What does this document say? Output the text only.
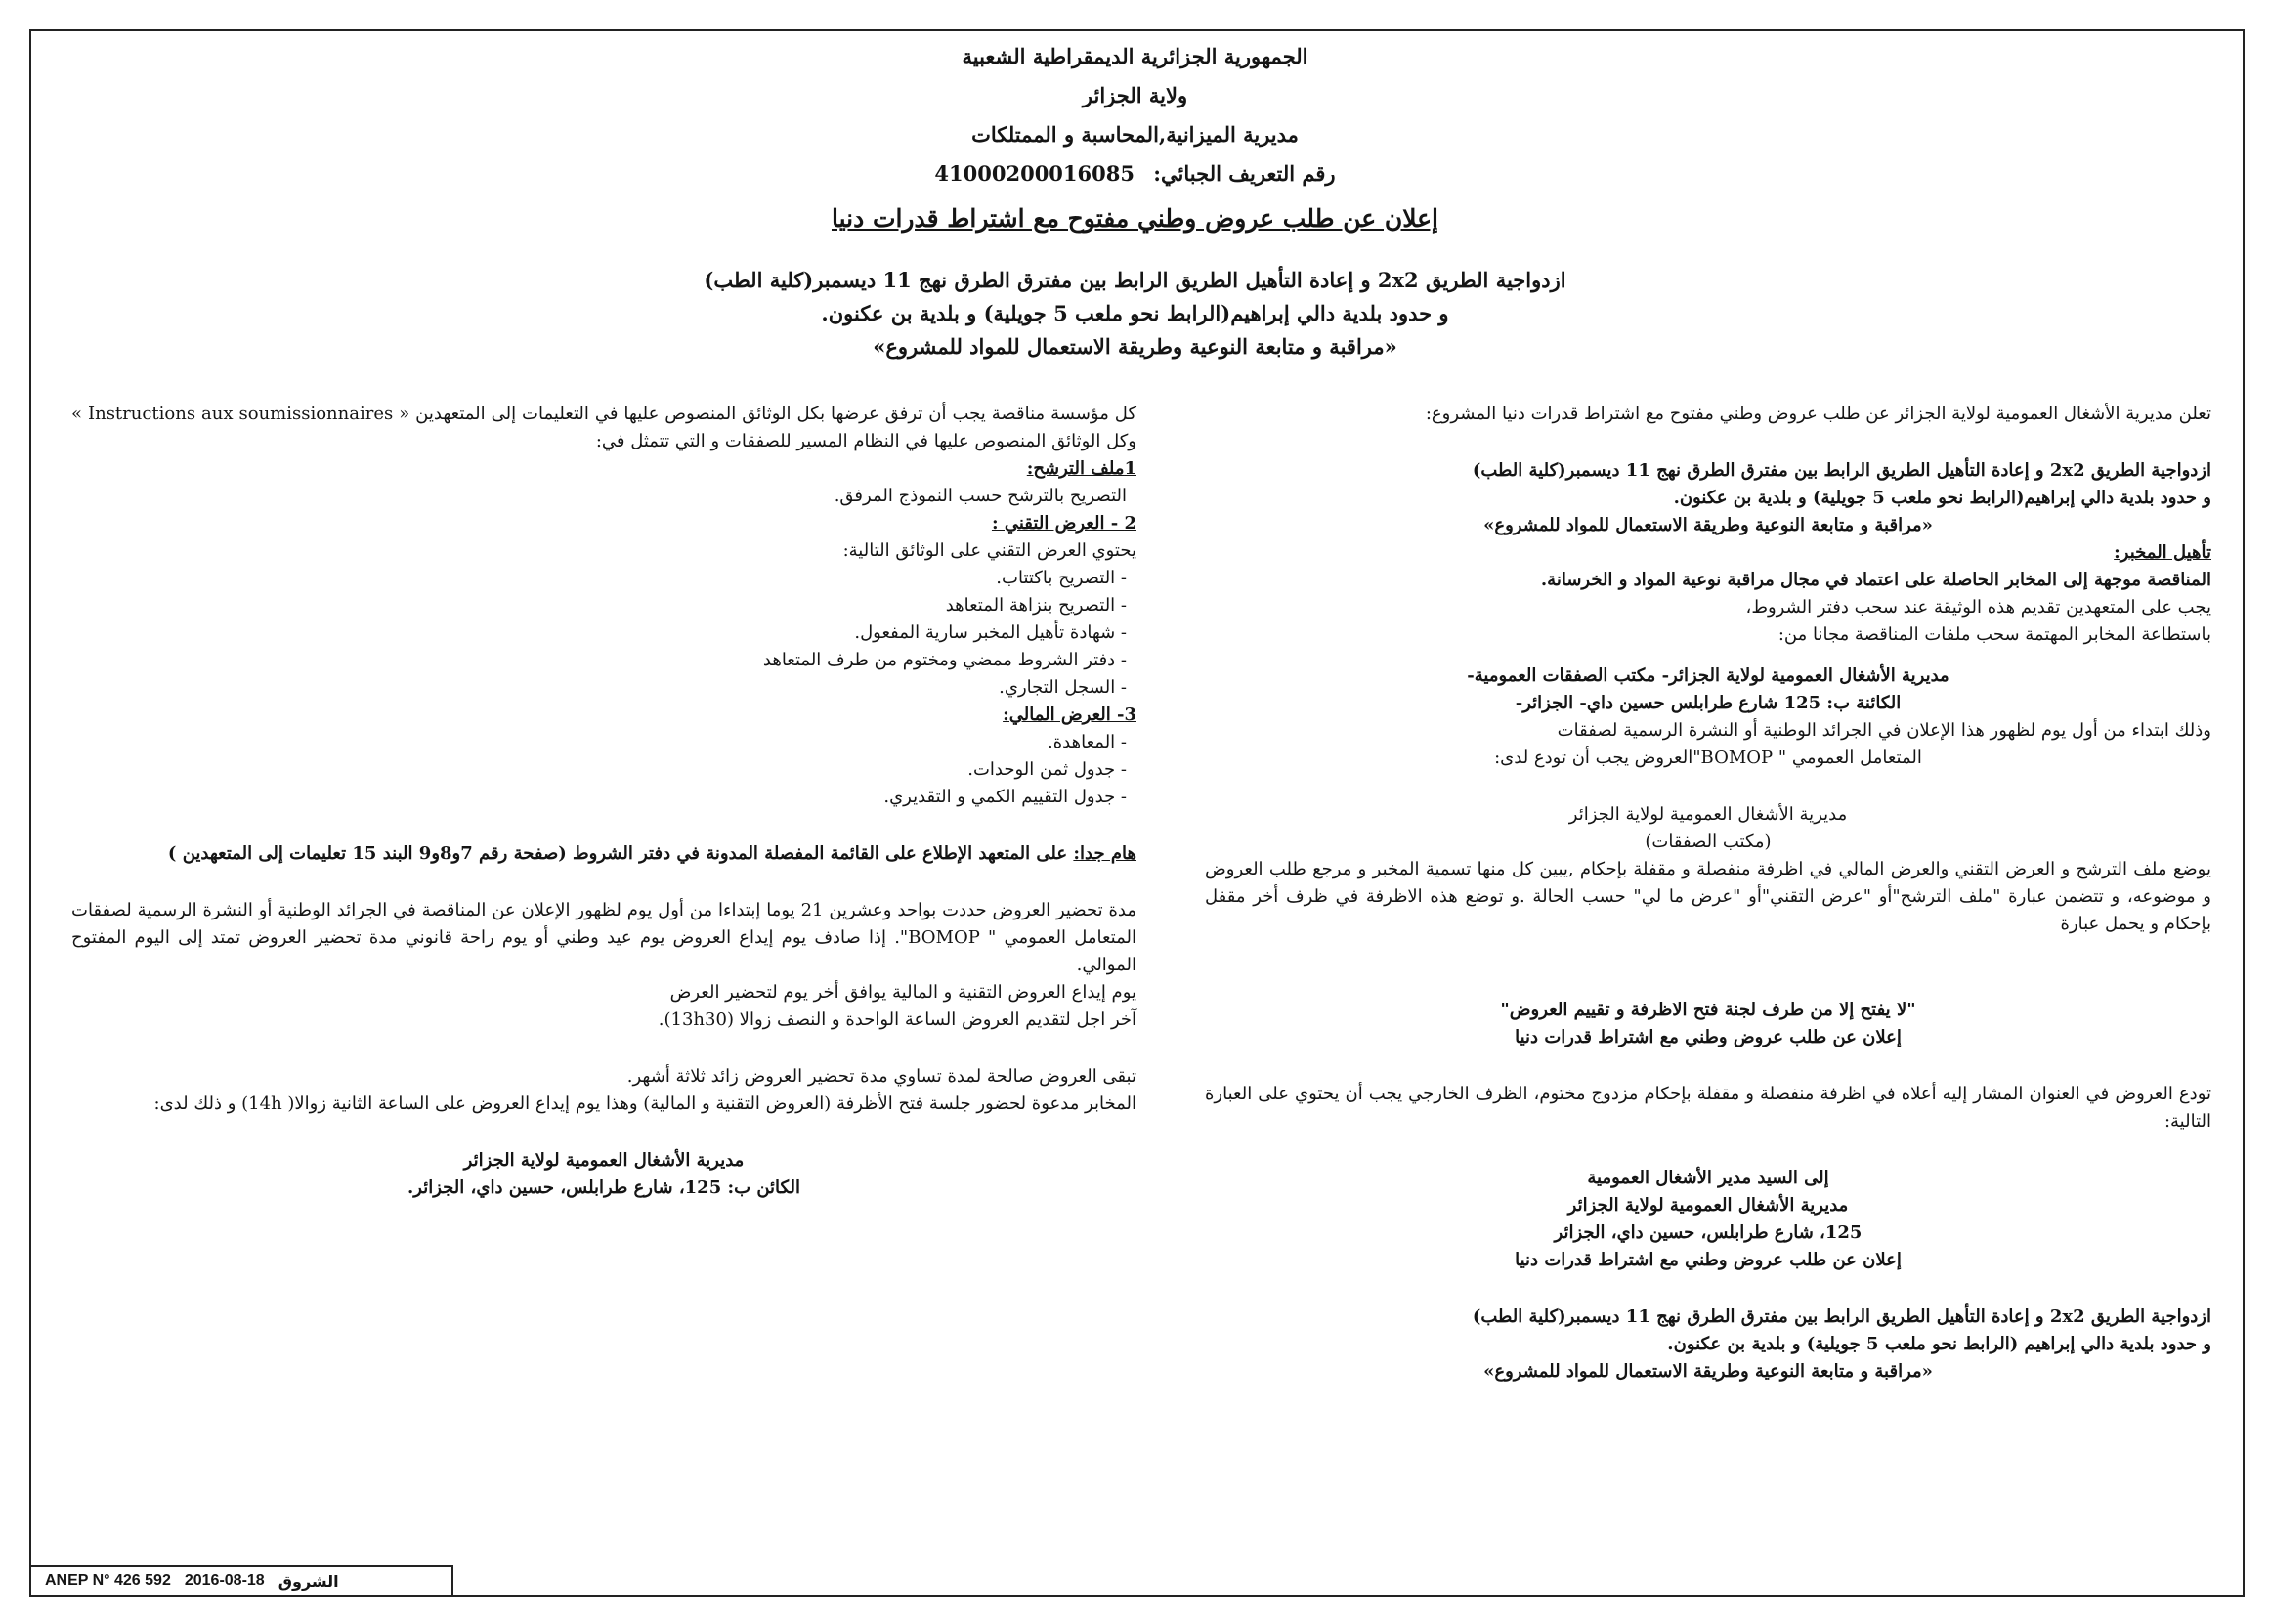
الجمهورية الجزائرية الديمقراطية الشعبية
ولاية الجزائر
مديرية الميزانية,المحاسبة و الممتلكات
رقم التعريف الجبائي: 41000200016085
إعلان عن طلب عروض وطني مفتوح مع اشتراط قدرات دنيا
ازدواجية الطريق 2x2 و إعادة التأهيل الطريق الرابط بين مفترق الطرق نهج 11 ديسمبر(كلية الطب)
و حدود بلدية دالي إبراهيم(الرابط نحو ملعب 5 جويلية) و بلدية بن عكنون.
«مراقبة و متابعة النوعية وطريقة الاستعمال للمواد للمشروع»
تعلن مديرية الأشغال العمومية لولاية الجزائر عن طلب عروض وطني مفتوح مع اشتراط قدرات دنيا المشروع:
ازدواجية الطريق 2x2 و إعادة التأهيل الطريق الرابط بين مفترق الطرق نهج 11 ديسمبر(كلية الطب)
و حدود بلدية دالي إبراهيم(الرابط نحو ملعب 5 جويلية) و بلدية بن عكنون.
«مراقبة و متابعة النوعية وطريقة الاستعمال للمواد للمشروع»
تأهيل المخبر:
المناقصة موجهة إلى المخابر الحاصلة على اعتماد في مجال مراقبة نوعية المواد و الخرسانة.
يجب على المتعهدين تقديم هذه الوثيقة عند سحب دفتر الشروط،
باستطاعة المخابر المهتمة سحب ملفات المناقصة مجانا من:
مديرية الأشغال العمومية لولاية الجزائر- مكتب الصفقات العمومية-
الكائنة ب: 125 شارع طرابلس حسين داي- الجزائر-
وذلك ابتداء من أول يوم لظهور هذا الإعلان في الجرائد الوطنية أو النشرة الرسمية لصفقات
المتعامل العمومي " BOMOP"العروض يجب أن تودع لدى:
مديرية الأشغال العمومية لولاية الجزائر
(مكتب الصفقات)
يوضع ملف الترشح و العرض التقني والعرض المالي في اظرفة منفصلة و مقفلة بإحكام ,يبين كل منها تسمية المخبر و مرجع طلب العروض و موضوعه، و تتضمن عبارة "ملف الترشح"أو "عرض التقني"أو "عرض ما لي" حسب الحالة .و توضع هذه الاظرفة في ظرف أخر مقفل بإحكام و يحمل عبارة
"لا يفتح إلا من طرف لجنة فتح الاظرفة و تقييم العروض"
إعلان عن طلب عروض وطني مع اشتراط قدرات دنيا
تودع العروض في العنوان المشار إليه أعلاه في اظرفة منفصلة و مقفلة بإحكام مزدوج مختوم، الظرف الخارجي يجب أن يحتوي على العبارة التالية:
إلى السيد مدير الأشغال العمومية
مديرية الأشغال العمومية لولاية الجزائر
125، شارع طرابلس، حسين داي، الجزائر
إعلان عن طلب عروض وطني مع اشتراط قدرات دنيا
ازدواجية الطريق 2x2 و إعادة التأهيل الطريق الرابط بين مفترق الطرق نهج 11 ديسمبر(كلية الطب)
و حدود بلدية دالي إبراهيم (الرابط نحو ملعب 5 جويلية) و بلدية بن عكنون.
«مراقبة و متابعة النوعية وطريقة الاستعمال للمواد للمشروع»
كل مؤسسة مناقصة يجب أن ترفق عرضها بكل الوثائق المنصوص عليها في التعليمات إلى المتعهدين « Instructions aux soumissionnaires » وكل الوثائق المنصوص عليها في النظام المسير للصفقات و التي تتمثل في:
1ملف الترشح:
التصريح بالترشح حسب النموذج المرفق.
2 - العرض التقني :
يحتوي العرض التقني على الوثائق التالية:
- التصريح باكتتاب.
- التصريح بنزاهة المتعاهد
- شهادة تأهيل المخبر سارية المفعول.
- دفتر الشروط ممضي ومختوم من طرف المتعاهد
- السجل التجاري.
3- العرض المالي:
- المعاهدة.
- جدول ثمن الوحدات.
- جدول التقييم الكمي و التقديري.
هام جدا: على المتعهد الإطلاع على القائمة المفصلة المدونة في دفتر الشروط (صفحة رقم 7و8و9 البند 15 تعليمات إلى المتعهدين )
مدة تحضير العروض حددت بواحد وعشرين 21 يوما إبتداءا من أول يوم لظهور الإعلان عن المناقصة في الجرائد الوطنية أو النشرة الرسمية لصفقات المتعامل العمومي " BOMOP". إذا صادف يوم إيداع العروض يوم عيد وطني أو يوم راحة قانوني مدة تحضير العروض تمتد إلى اليوم المفتوح الموالي.
يوم إيداع العروض التقنية و المالية يوافق أخر يوم لتحضير العرض
آخر اجل لتقديم العروض الساعة الواحدة و النصف زوالا (13h30).
تبقى العروض صالحة لمدة تساوي مدة تحضير العروض زائد ثلاثة أشهر.
المخابر مدعوة لحضور جلسة فتح الأظرفة (العروض التقنية و المالية) وهذا يوم إيداع العروض على الساعة الثانية زوالا( 14h) و ذلك لدى:
مديرية الأشغال العمومية لولاية الجزائر
الكائن ب: 125، شارع طرابلس، حسين داي، الجزائر.
ANEP N° 426 592 2016-08-18 الشروق
